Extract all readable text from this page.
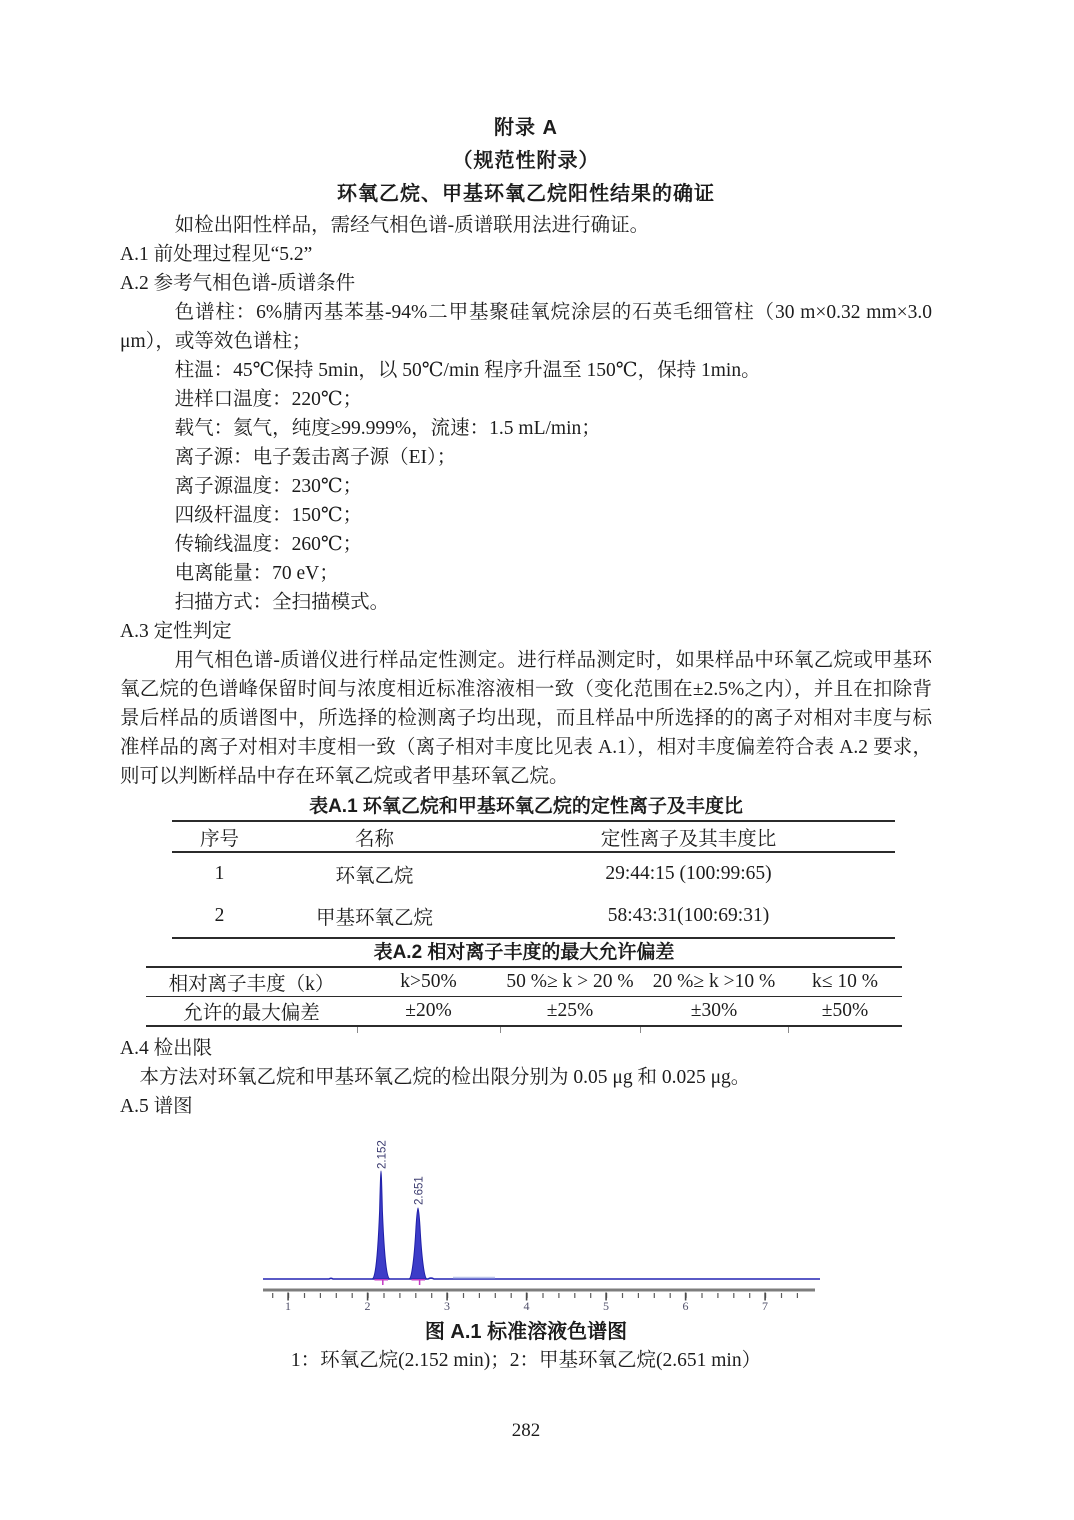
附录 A
（规范性附录）
环氧乙烷、甲基环氧乙烷阳性结果的确证

如检出阳性样品，需经气相色谱-质谱联用法进行确证。

A.1 前处理过程见“5.2”

A.2 参考气相色谱-质谱条件

色谱柱：6%腈丙基苯基-94%二甲基聚硅氧烷涂层的石英毛细管柱（30 m×0.32 mm×3.0 μm），或等效色谱柱；

柱温：45℃保持 5min，以 50℃/min 程序升温至 150℃，保持 1min。

进样口温度：220℃；

载气：氦气，纯度≥99.999%，流速：1.5 mL/min；

离子源：电子轰击离子源（EI）；

离子源温度：230℃；

四级杆温度：150℃；

传输线温度：260℃；

电离能量：70 eV；

扫描方式：全扫描模式。

A.3 定性判定

用气相色谱-质谱仪进行样品定性测定。进行样品测定时，如果样品中环氧乙烷或甲基环氧乙烷的色谱峰保留时间与浓度相近标准溶液相一致（变化范围在±2.5%之内），并且在扣除背景后样品的质谱图中，所选择的检测离子均出现，而且样品中所选择的的离子对相对丰度与标准样品的离子对相对丰度相一致（离子相对丰度比见表 A.1），相对丰度偏差符合表 A.2 要求，则可以判断样品中存在环氧乙烷或者甲基环氧乙烷。

表A.1 环氧乙烷和甲基环氧乙烷的定性离子及丰度比

序号	名称	定性离子及其丰度比
1	环氧乙烷	29:44:15 (100:99:65)
2	甲基环氧乙烷	58:43:31(100:69:31)

表A.2 相对离子丰度的最大允许偏差

相对离子丰度（k）	k>50%	50 %≥ k > 20 %	20 %≥ k >10 %	k≤ 10 %
允许的最大偏差	±20%	±25%	±30%	±50%

A.4 检出限

本方法对环氧乙烷和甲基环氧乙烷的检出限分别为 0.05 μg 和 0.025 μg。

A.5 谱图

2.152
2.651
1	2	3	4	5	6	7

图 A.1 标准溶液色谱图

1：环氧乙烷(2.152 min)；2：甲基环氧乙烷(2.651 min）

282
